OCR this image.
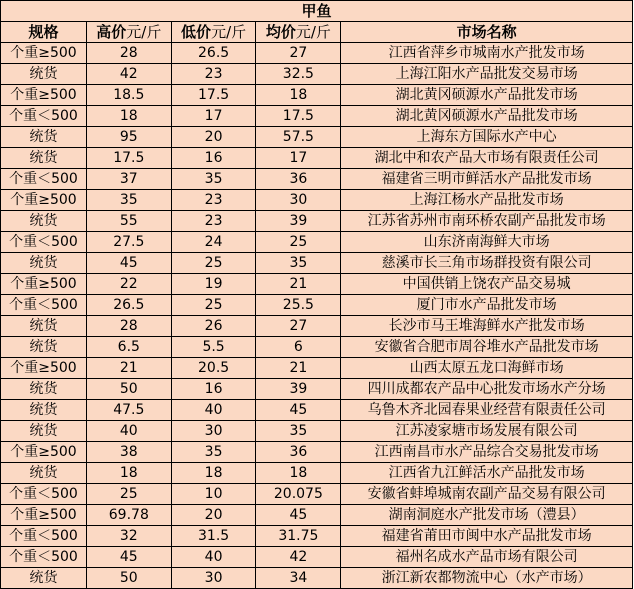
甲鱼				
规格	高价元/斤	低价元/斤	均价元/斤	市场名称
个重≥500	28	26.5	27	江西省萍乡市城南水产批发市场
统货	42	23	32.5	上海江阳水产品批发交易市场
个重≥500	18.5	17.5	18	湖北黄冈硕源水产品批发市场
个重＜500	18	17	17.5	湖北黄冈硕源水产品批发市场
统货	95	20	57.5	上海东方国际水产中心
统货	17.5	16	17	湖北中和农产品大市场有限责任公司
个重＜500	37	35	36	福建省三明市鲜活水产品批发市场
个重≥500	35	23	30	上海江杨水产品批发市场
统货	55	23	39	江苏省苏州市南环桥农副产品批发市场
个重＜500	27.5	24	25	山东济南海鲜大市场
统货	45	25	35	慈溪市长三角市场群投资有限公司
个重≥500	22	19	21	中国供销上饶农产品交易城
个重＜500	26.5	25	25.5	厦门市水产品批发市场
统货	28	26	27	长沙市马王堆海鲜水产批发市场
统货	6.5	5.5	6	安徽省合肥市周谷堆水产品批发市场
个重≥500	21	20.5	21	山西太原五龙口海鲜市场
统货	50	16	39	四川成都农产品中心批发市场水产分场
统货	47.5	40	45	乌鲁木齐北园春果业经营有限责任公司
统货	40	30	35	江苏凌家塘市场发展有限公司
个重≥500	38	35	36	江西南昌市水产品综合交易批发市场
统货	18	18	18	江西省九江鲜活水产品批发市场
个重＜500	25	10	20.075	安徽省蚌埠城南农副产品交易有限公司
个重≥500	69.78	20	45	湖南洞庭水产批发市场（澧县）
个重＜500	32	31.5	31.75	福建省莆田市闽中水产品批发市场
个重＜500	45	40	42	福州名成水产品市场有限公司
统货	50	30	34	浙江新农都物流中心（水产市场）
